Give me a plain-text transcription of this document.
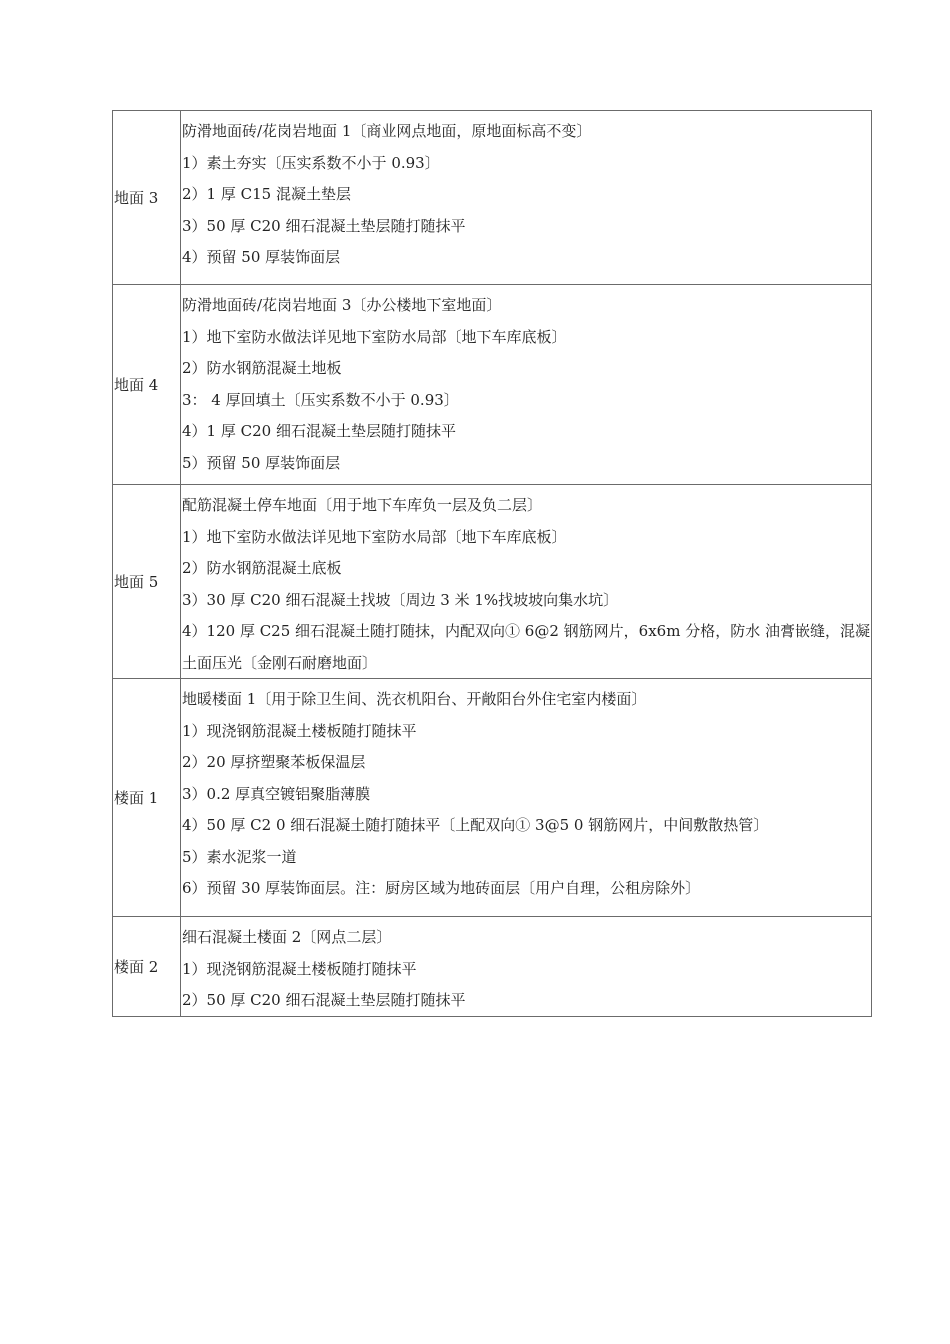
地面 3
防滑地面砖/花岗岩地面 1〔商业网点地面，原地面标高不变〕
1）素土夯实〔压实系数不小于 0.93〕
2）1 厚 C15 混凝土垫层
3）50 厚 C20 细石混凝土垫层随打随抹平
4）预留 50 厚装饰面层
地面 4
防滑地面砖/花岗岩地面 3〔办公楼地下室地面〕
1）地下室防水做法详见地下室防水局部〔地下车库底板〕
2）防水钢筋混凝土地板
3： 4 厚回填土〔压实系数不小于 0.93〕
4）1 厚 C20 细石混凝土垫层随打随抹平
5）预留 50 厚装饰面层
地面 5
配筋混凝土停车地面〔用于地下车库负一层及负二层〕
1）地下室防水做法详见地下室防水局部〔地下车库底板〕
2）防水钢筋混凝土底板
3）30 厚 C20 细石混凝土找坡〔周边 3 米 1%找坡坡向集水坑〕
4）120 厚 C25 细石混凝土随打随抹，内配双向① 6@2 钢筋网片，6x6m 分格，防水 油膏嵌缝，混凝土面压光〔金刚石耐磨地面〕
楼面 1
地暖楼面 1〔用于除卫生间、洗衣机阳台、开敞阳台外住宅室内楼面〕
1）现浇钢筋混凝土楼板随打随抹平
2）20 厚挤塑聚苯板保温层
3）0.2 厚真空镀铝聚脂薄膜
4）50 厚 C2 0 细石混凝土随打随抹平〔上配双向① 3@5 0 钢筋网片，中间敷散热管〕
5）素水泥浆一道
6）预留 30 厚装饰面层。注：厨房区域为地砖面层〔用户自理，公租房除外〕
楼面 2
细石混凝土楼面 2〔网点二层〕
1）现浇钢筋混凝土楼板随打随抹平
2）50 厚 C20 细石混凝土垫层随打随抹平
